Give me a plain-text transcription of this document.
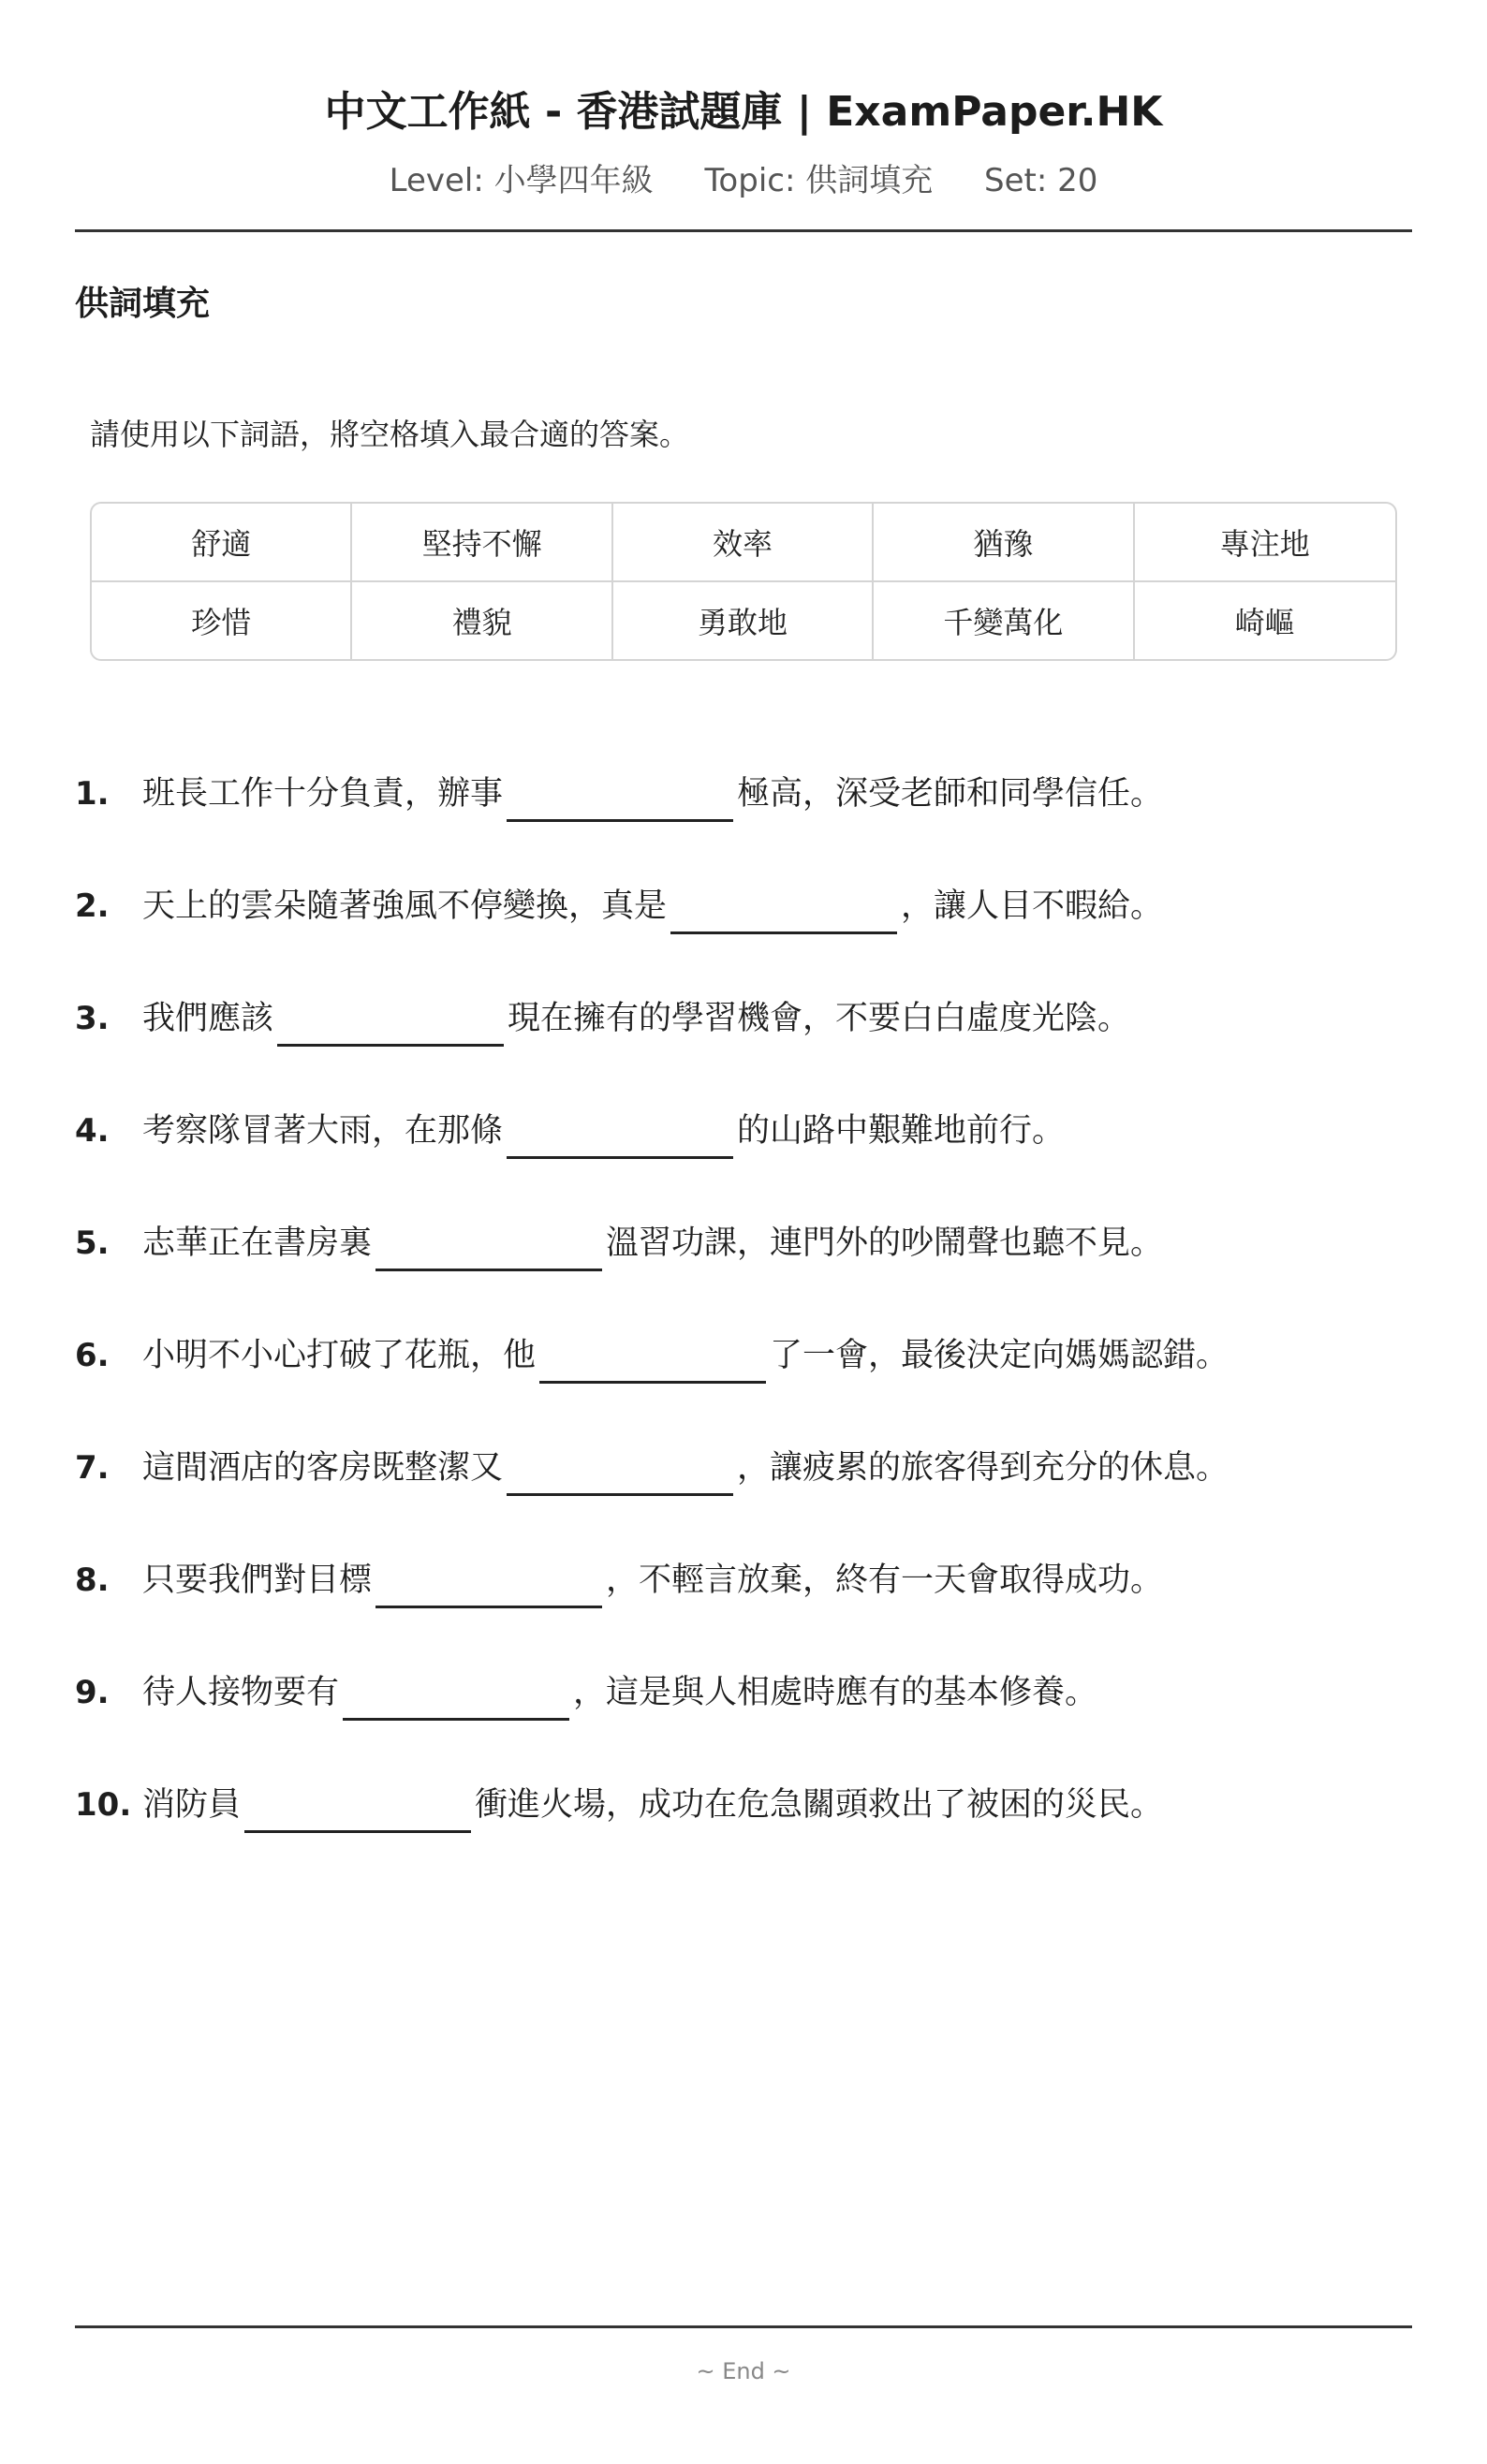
中文工作紙 - 香港試題庫 | ExamPaper.HK
Level: 小學四年級 Topic: 供詞填充 Set: 20
供詞填充
請使用以下詞語，將空格填入最合適的答案。
舒適	堅持不懈	效率	猶豫	專注地
珍惜	禮貌	勇敢地	千變萬化	崎嶇
1.	班長工作十分負責，辦事	極高，深受老師和同學信任。
2.	天上的雲朵隨著強風不停變換，真是	，讓人目不暇給。
3.	我們應該	現在擁有的學習機會，不要白白虛度光陰。
4.	考察隊冒著大雨，在那條	的山路中艱難地前行。
5.	志華正在書房裏	溫習功課，連門外的吵鬧聲也聽不見。
6.	小明不小心打破了花瓶，他	了一會，最後決定向媽媽認錯。
7.	這間酒店的客房既整潔又	，讓疲累的旅客得到充分的休息。
8.	只要我們對目標	，不輕言放棄，終有一天會取得成功。
9.	待人接物要有	，這是與人相處時應有的基本修養。
10. 消防員	衝進火場，成功在危急關頭救出了被困的災民。
~ End ~
